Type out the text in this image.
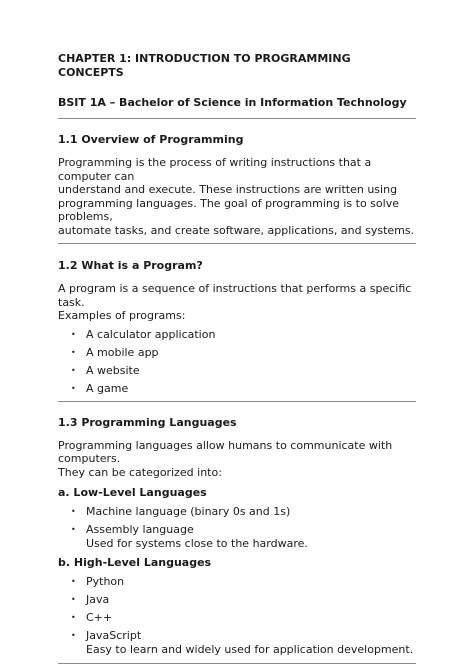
CHAPTER 1: INTRODUCTION TO PROGRAMMING CONCEPTS
BSIT 1A – Bachelor of Science in Information Technology
1.1 Overview of Programming
Programming is the process of writing instructions that a computer can
understand and execute. These instructions are written using
programming languages. The goal of programming is to solve problems,
automate tasks, and create software, applications, and systems.
1.2 What is a Program?
A program is a sequence of instructions that performs a specific task.
Examples of programs:
• A calculator application
• A mobile app
• A website
• A game
1.3 Programming Languages
Programming languages allow humans to communicate with computers.
They can be categorized into:
a. Low-Level Languages
• Machine language (binary 0s and 1s)
• Assembly language
Used for systems close to the hardware.
b. High-Level Languages
• Python
• Java
• C++
• JavaScript
Easy to learn and widely used for application development.
